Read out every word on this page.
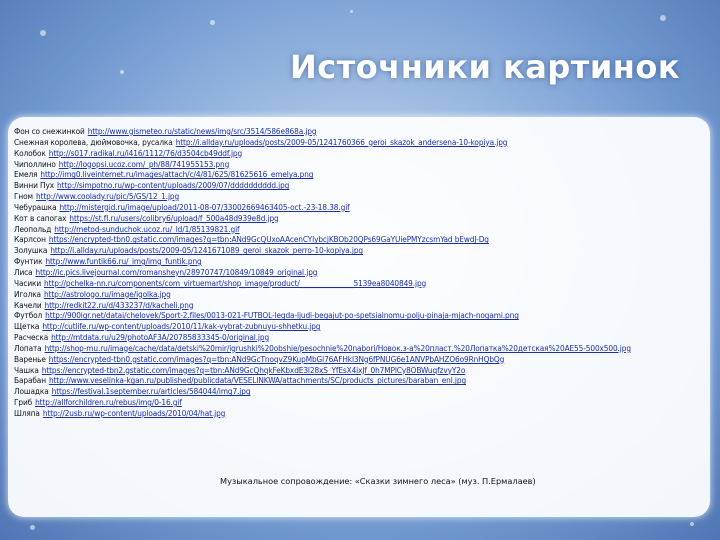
Источники картинок
Фон со снежинкой http://www.gismeteo.ru/static/news/img/src/3514/586e868a.jpg
Снежная королева, дюймовочка, русалка http://i.allday.ru/uploads/posts/2009-05/1241760366_geroi_skazok_andersena-10-kopiya.jpg
Колобок http://s017.radikal.ru/i416/1112/76/d3504cb49ddf.jpg
Чиполлино http://logopsi.ucoz.com/_ph/88/741955153.png
Емеля http://img0.liveinternet.ru/images/attach/c/4/81/625/81625616_emelya.png
Винни Пух http://simpotno.ru/wp-content/uploads/2009/07/dddddddddd.jpg
Гном http://www.coolady.ru/pic/5/GS/12_1.jpg
Чебурашка http://mistergid.ru/image/upload/2011-08-07/33002669463405-oct.-23-18.38.gif
Кот в сапогах https://st.fl.ru/users/colibry6/upload/f_500a48d939e8d.jpg
Леопольд http://metod-sunduchok.ucoz.ru/_ld/1/85139821.gif
Карлсон https://encrypted-tbn0.gstatic.com/images?q=tbn:ANd9GcQUxoAAcenCYlybcjKBOb20QPs69GaYUiePMYzcsmYad bEwdJ-Dg
Золушка http://i.allday.ru/uploads/posts/2009-05/1241671089_geroi_skazok_perro-10-kopiya.jpg
Фунтик http://www.funtik66.ru/_img/img_funtik.png
Лиса http://ic.pics.livejournal.com/romansheyn/28970747/10849/10849_original.jpg
Часики http://pchelka-nn.ru/components/com_virtuemart/shop_image/product/_______________5139ea8040849.jpg
Иголка http://astrologo.ru/image/igolka.jpg
Качели http://redkit22.ru/d/433237/d/kacheli.png
Футбол http://900igr.net/datai/chelovek/Sport-2.files/0013-021-FUTBOL-legda-ljudi-begajut-po-spetsialnomu-polju-pinaja-mjach-nogami.png
Щетка http://cutlife.ru/wp-content/uploads/2010/11/kak-vybrat-zubnuyu-shhetku.jpg
Расческа http://mtdata.ru/u29/photoAF3A/20785833345-0/original.jpg
Лопата http://shop-mu.ru/image/cache/data/detski%20mir/igrushki%20obshie/pesochnie%20nabori/Новок.з-а%20пласт.%20Лопатка%20детская%20АЕ55-500x500.jpg
Варенье https://encrypted-tbn0.gstatic.com/images?q=tbn:ANd9GcTnoqvZ9KupMbGl76AFHkl3Ng6fPNUG6e1ANVPbAHZO6o9RnHQbQg
Чашка https://encrypted-tbn2.gstatic.com/images?q=tbn:ANd9GcQhqkFeKbxdE3l28xS_YfEsX4ixJf_0h7MPlCy8OBWuqfzvyY2o
Барабан http://www.veselinka-kgan.ru/published/publicdata/VESELINKWA/attachments/SC/products_pictures/baraban_enl.jpg
Лошадка https://festival.1september.ru/articles/584044/img7.jpg
Гриб http://allforchildren.ru/rebus/img/0-16.gif
Шляпа http://2usb.ru/wp-content/uploads/2010/04/hat.jpg
Музыкальное сопровождение: «Сказки зимнего леса» (муз. П.Ермалаев)
